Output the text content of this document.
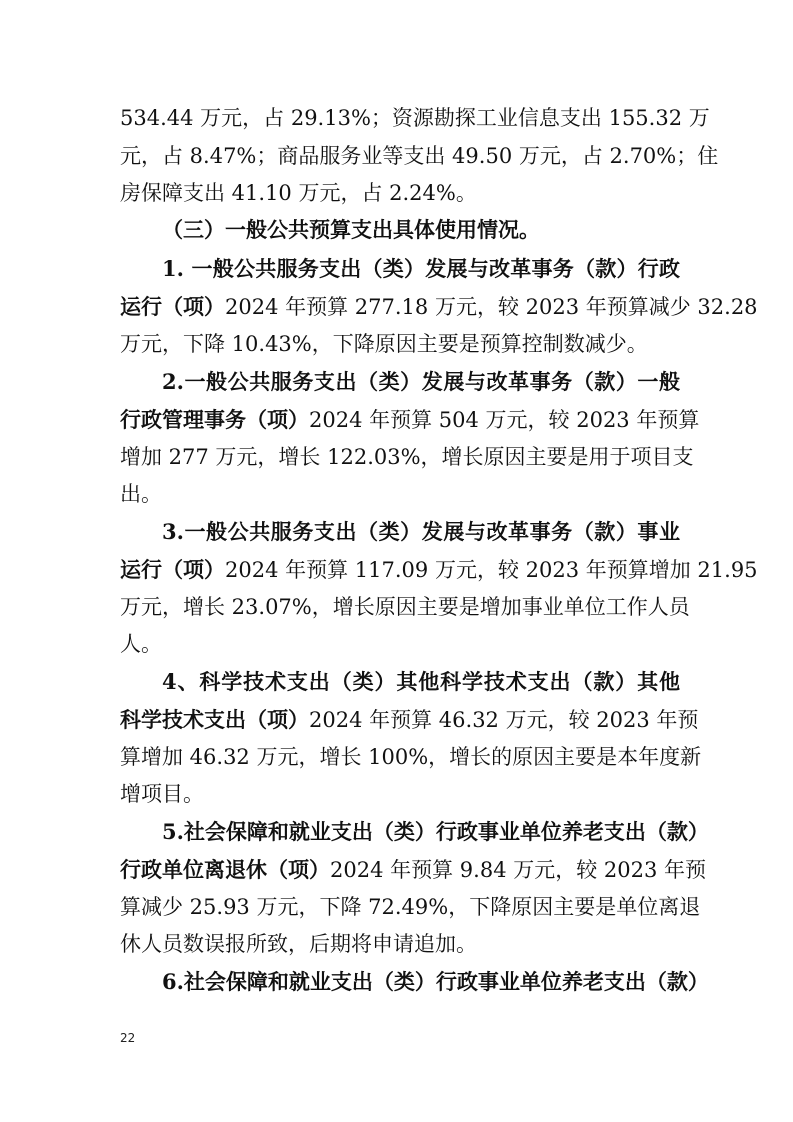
534.44 万元，占 29.13%；资源勘探工业信息支出 155.32 万
元，占 8.47%；商品服务业等支出 49.50 万元，占 2.70%；住
房保障支出 41.10 万元，占 2.24%。
（三）一般公共预算支出具体使用情况。
1. 一般公共服务支出（类）发展与改革事务（款）行政
运行（项）2024 年预算 277.18 万元，较 2023 年预算减少 32.28
万元，下降 10.43%，下降原因主要是预算控制数减少。
2.一般公共服务支出（类）发展与改革事务（款）一般
行政管理事务（项）2024 年预算 504 万元，较 2023 年预算
增加 277 万元，增长 122.03%，增长原因主要是用于项目支
出。
3.一般公共服务支出（类）发展与改革事务（款）事业
运行（项）2024 年预算 117.09 万元，较 2023 年预算增加 21.95
万元，增长 23.07%，增长原因主要是增加事业单位工作人员
人。
4、科学技术支出（类）其他科学技术支出（款）其他
科学技术支出（项）2024 年预算 46.32 万元，较 2023 年预
算增加 46.32 万元，增长 100%，增长的原因主要是本年度新
增项目。
5.社会保障和就业支出（类）行政事业单位养老支出（款）
行政单位离退休（项）2024 年预算 9.84 万元，较 2023 年预
算减少 25.93 万元，下降 72.49%，下降原因主要是单位离退
休人员数误报所致，后期将申请追加。
6.社会保障和就业支出（类）行政事业单位养老支出（款）
22
